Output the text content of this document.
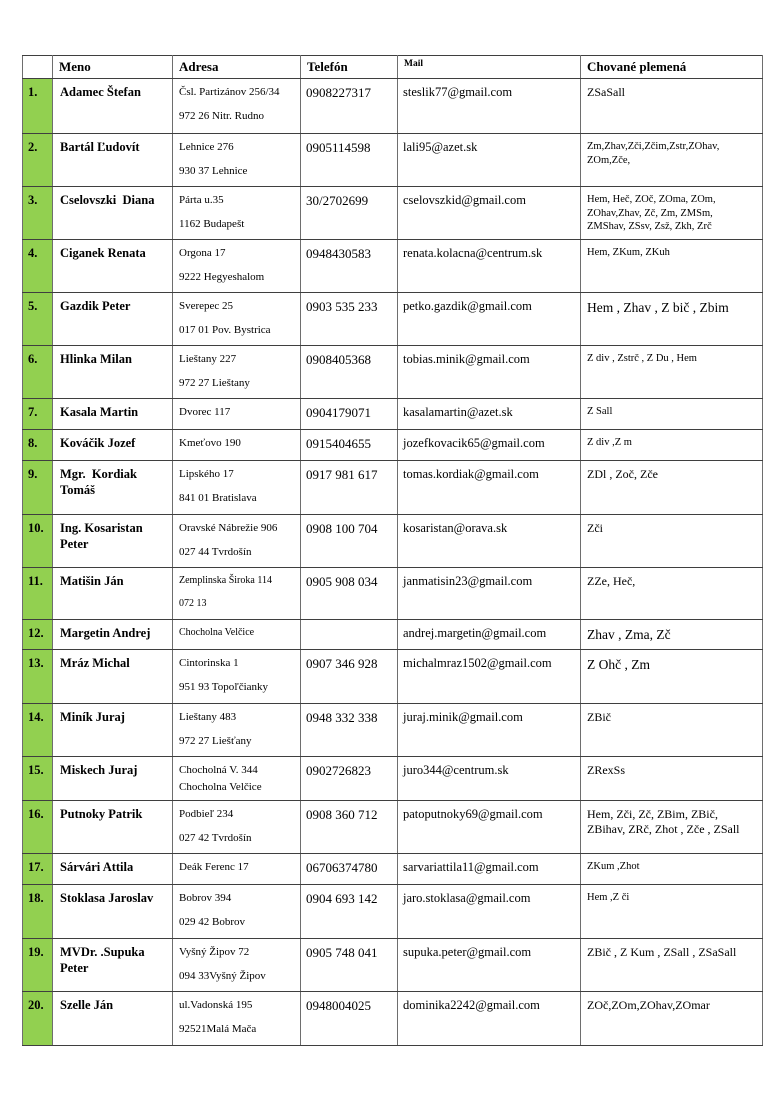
	Meno	Adresa	Telefón	Mail	Chované plemená
1.	Adamec Štefan	Čsl. Partizánov 256/34
972 26 Nitr. Rudno	0908227317	steslik77@gmail.com	ZSaSall

2.	Bartál Ľudovít	Lehnice 276
930 37 Lehnice
	0905114598	lali95@azet.sk	Zm,Zhav,Zči,Zčim,Zstr,ZOhav,
ZOm,Zče,

3.	Cselovszki  Diana	Párta u.35
1162 Budapešt
	30/2702699	cselovszkid@gmail.com	Hem, Heč, ZOč, ZOma, ZOm,
ZOhav,Zhav, Zč, Zm, ZMSm,
ZMShav, ZSsv, Zsž, Zkh, Zrč

4.	Ciganek Renata	Orgona 17
9222 Hegyeshalom	0948430583	renata.kolacna@centrum.sk	Hem, ZKum, ZKuh

5.	Gazdik Peter	Sverepec 25
017 01 Pov. Bystrica	0903 535 233	petko.gazdik@gmail.com	Hem , Zhav , Z bič , Zbim

6.	Hlinka Milan	Lieštany 227
972 27 Lieštany	0908405368	tobias.minik@gmail.com	Z div , Zstrč , Z Du , Hem

7.	Kasala Martin	Dvorec 117	0904179071	kasalamartin@azet.sk	Z Sall

8.	Kováčik Jozef	Kmeťovo 190	0915404655	jozefkovacik65@gmail.com	Z div ,Z m

9.	Mgr.  Kordiak Tomáš	Lipského 17
841 01 Bratislava	0917 981 617	tomas.kordiak@gmail.com	ZDl , Zoč, Zče

10.	Ing. Kosaristan Peter	Oravské Nábrežie 906
027 44 Tvrdošín	0908 100 704	kosaristan@orava.sk	Zči

11.	Matišin Ján	Zemplinska Široka 114
072 13	0905 908 034	janmatisin23@gmail.com	ZZe, Heč,

12.	Margetin Andrej	Chocholna Velčice		andrej.margetin@gmail.com	Zhav , Zma, Zč

13.	Mráz Michal	Cintorinska 1
951 93 Topoľčianky	0907 346 928	michalmraz1502@gmail.com	Z Ohč , Zm

14.	Miník Juraj	Lieštany 483
972 27 Liešťany	0948 332 338	juraj.minik@gmail.com	ZBič

15.	Miskech Juraj	Chocholná V. 344
Chocholna Velčice	0902726823	juro344@centrum.sk	ZRexSs

16.	Putnoky Patrik	Podbieľ 234
027 42 Tvrdošín
	0908 360 712	patoputnoky69@gmail.com	Hem, Zči, Zč, ZBim, ZBič,
ZBihav, ZRč, Zhot , Zče , ZSall

17.	Sárvári Attila	Deák Ferenc 17	06706374780	sarvariattila11@gmail.com	ZKum ,Zhot

18.	Stoklasa Jaroslav	Bobrov 394
029 42 Bobrov	0904 693 142	jaro.stoklasa@gmail.com	Hem ,Z či

19.	MVDr. .Supuka Peter	Vyšný Žipov 72
094 33Vyšný Žipov	0905 748 041	supuka.peter@gmail.com	ZBič , Z Kum , ZSall , ZSaSall

20.	Szelle Ján	ul.Vadonská 195
92521Malá Mača	0948004025	dominika2242@gmail.com	ZOč,ZOm,ZOhav,ZOmar
